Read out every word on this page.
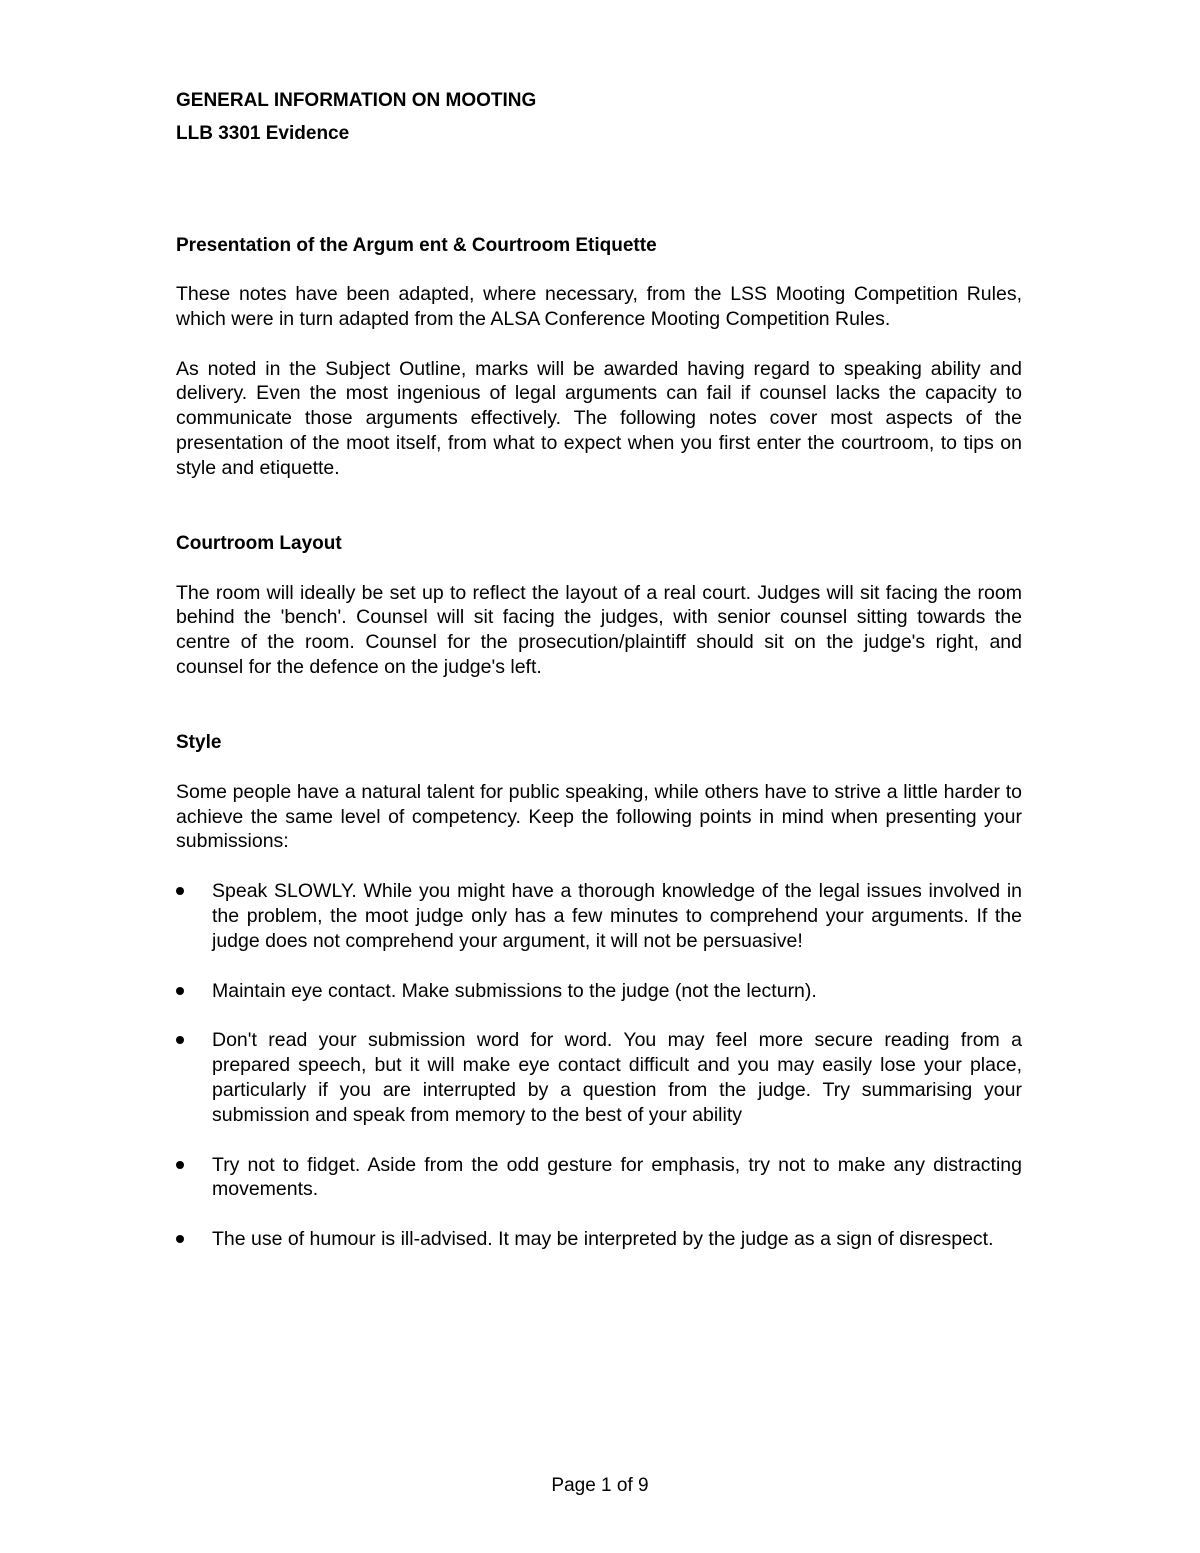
GENERAL INFORMATION ON MOOTING
LLB 3301 Evidence
Presentation of the Argum ent & Courtroom Etiquette

These notes have been adapted, where necessary, from the LSS Mooting Competition Rules, which were in turn adapted from the ALSA Conference Mooting Competition Rules.

As noted in the Subject Outline, marks will be awarded having regard to speaking ability and delivery. Even the most ingenious of legal arguments can fail if counsel lacks the capacity to communicate those arguments effectively. The following notes cover most aspects of the presentation of the moot itself, from what to expect when you first enter the courtroom, to tips on style and etiquette.

Courtroom Layout

The room will ideally be set up to reflect the layout of a real court. Judges will sit facing the room behind the 'bench'. Counsel will sit facing the judges, with senior counsel sitting towards the centre of the room. Counsel for the prosecution/plaintiff should sit on the judge's right, and counsel for the defence on the judge's left.

Style

Some people have a natural talent for public speaking, while others have to strive a little harder to achieve the same level of competency. Keep the following points in mind when presenting your submissions:

Speak SLOWLY. While you might have a thorough knowledge of the legal issues involved in the problem, the moot judge only has a few minutes to comprehend your arguments. If the judge does not comprehend your argument, it will not be persuasive!
Maintain eye contact. Make submissions to the judge (not the lecturn).
Don't read your submission word for word. You may feel more secure reading from a prepared speech, but it will make eye contact difficult and you may easily lose your place, particularly if you are interrupted by a question from the judge. Try summarising your submission and speak from memory to the best of your ability
Try not to fidget. Aside from the odd gesture for emphasis, try not to make any distracting movements.
The use of humour is ill-advised. It may be interpreted by the judge as a sign of disrespect.
Page 1 of 9
